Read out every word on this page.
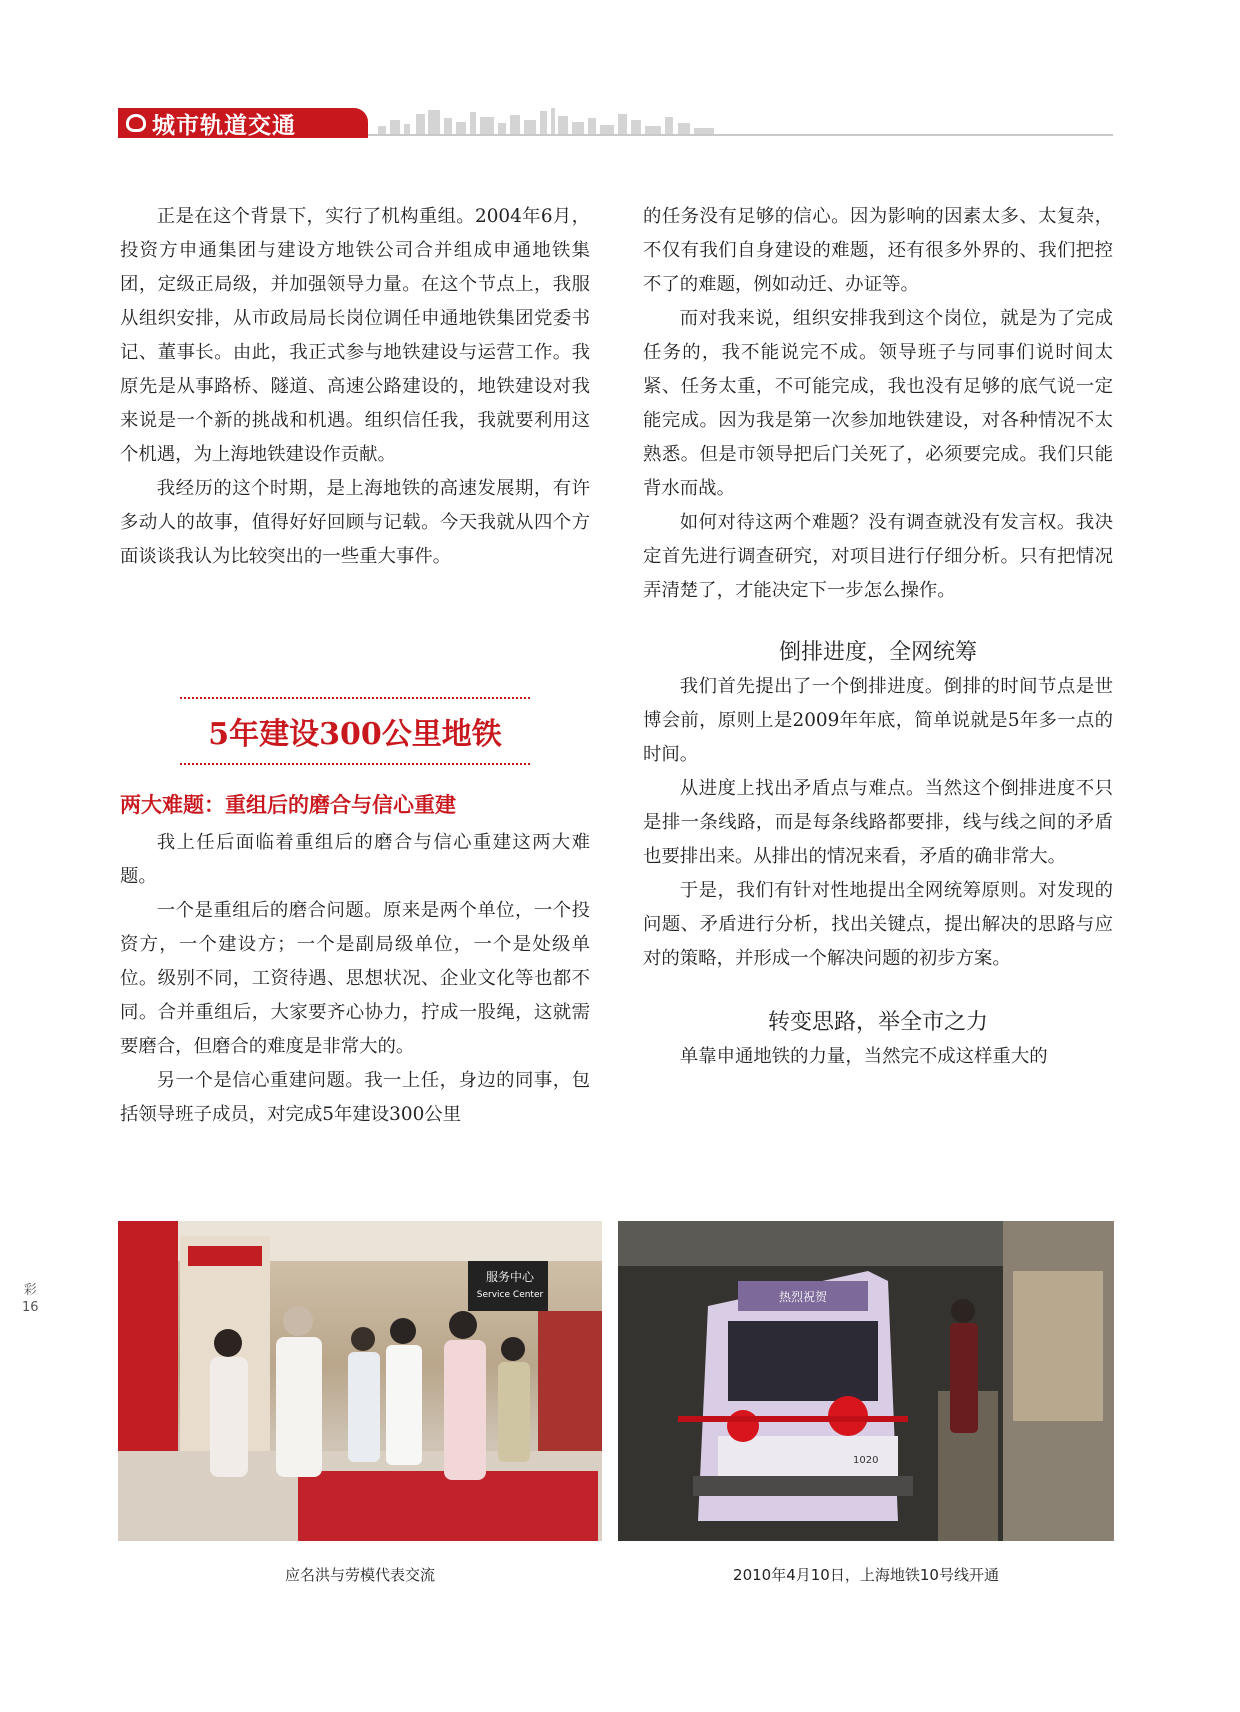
城市轨道交通

正是在这个背景下，实行了机构重组。2004年6月，投资方申通集团与建设方地铁公司合并组成申通地铁集团，定级正局级，并加强领导力量。在这个节点上，我服从组织安排，从市政局局长岗位调任申通地铁集团党委书记、董事长。由此，我正式参与地铁建设与运营工作。我原先是从事路桥、隧道、高速公路建设的，地铁建设对我来说是一个新的挑战和机遇。组织信任我，我就要利用这个机遇，为上海地铁建设作贡献。

我经历的这个时期，是上海地铁的高速发展期，有许多动人的故事，值得好好回顾与记载。今天我就从四个方面谈谈我认为比较突出的一些重大事件。

5年建设300公里地铁
两大难题：重组后的磨合与信心重建

我上任后面临着重组后的磨合与信心重建这两大难题。

一个是重组后的磨合问题。原来是两个单位，一个投资方，一个建设方；一个是副局级单位，一个是处级单位。级别不同，工资待遇、思想状况、企业文化等也都不同。合并重组后，大家要齐心协力，拧成一股绳，这就需要磨合，但磨合的难度是非常大的。

另一个是信心重建问题。我一上任，身边的同事，包括领导班子成员，对完成5年建设300公里

的任务没有足够的信心。因为影响的因素太多、太复杂，不仅有我们自身建设的难题，还有很多外界的、我们把控不了的难题，例如动迁、办证等。

而对我来说，组织安排我到这个岗位，就是为了完成任务的，我不能说完不成。领导班子与同事们说时间太紧、任务太重，不可能完成，我也没有足够的底气说一定能完成。因为我是第一次参加地铁建设，对各种情况不太熟悉。但是市领导把后门关死了，必须要完成。我们只能背水而战。

如何对待这两个难题？没有调查就没有发言权。我决定首先进行调查研究，对项目进行仔细分析。只有把情况弄清楚了，才能决定下一步怎么操作。

倒排进度，全网统筹

我们首先提出了一个倒排进度。倒排的时间节点是世博会前，原则上是2009年年底，简单说就是5年多一点的时间。

从进度上找出矛盾点与难点。当然这个倒排进度不只是排一条线路，而是每条线路都要排，线与线之间的矛盾也要排出来。从排出的情况来看，矛盾的确非常大。

于是，我们有针对性地提出全网统筹原则。对发现的问题、矛盾进行分析，找出关键点，提出解决的思路与应对的策略，并形成一个解决问题的初步方案。

转变思路，举全市之力

单靠申通地铁的力量，当然完不成这样重大的

彩
16
服务中心
Service Center
应名洪与劳模代表交流
热烈祝贺
1020
2010年4月10日，上海地铁10号线开通
